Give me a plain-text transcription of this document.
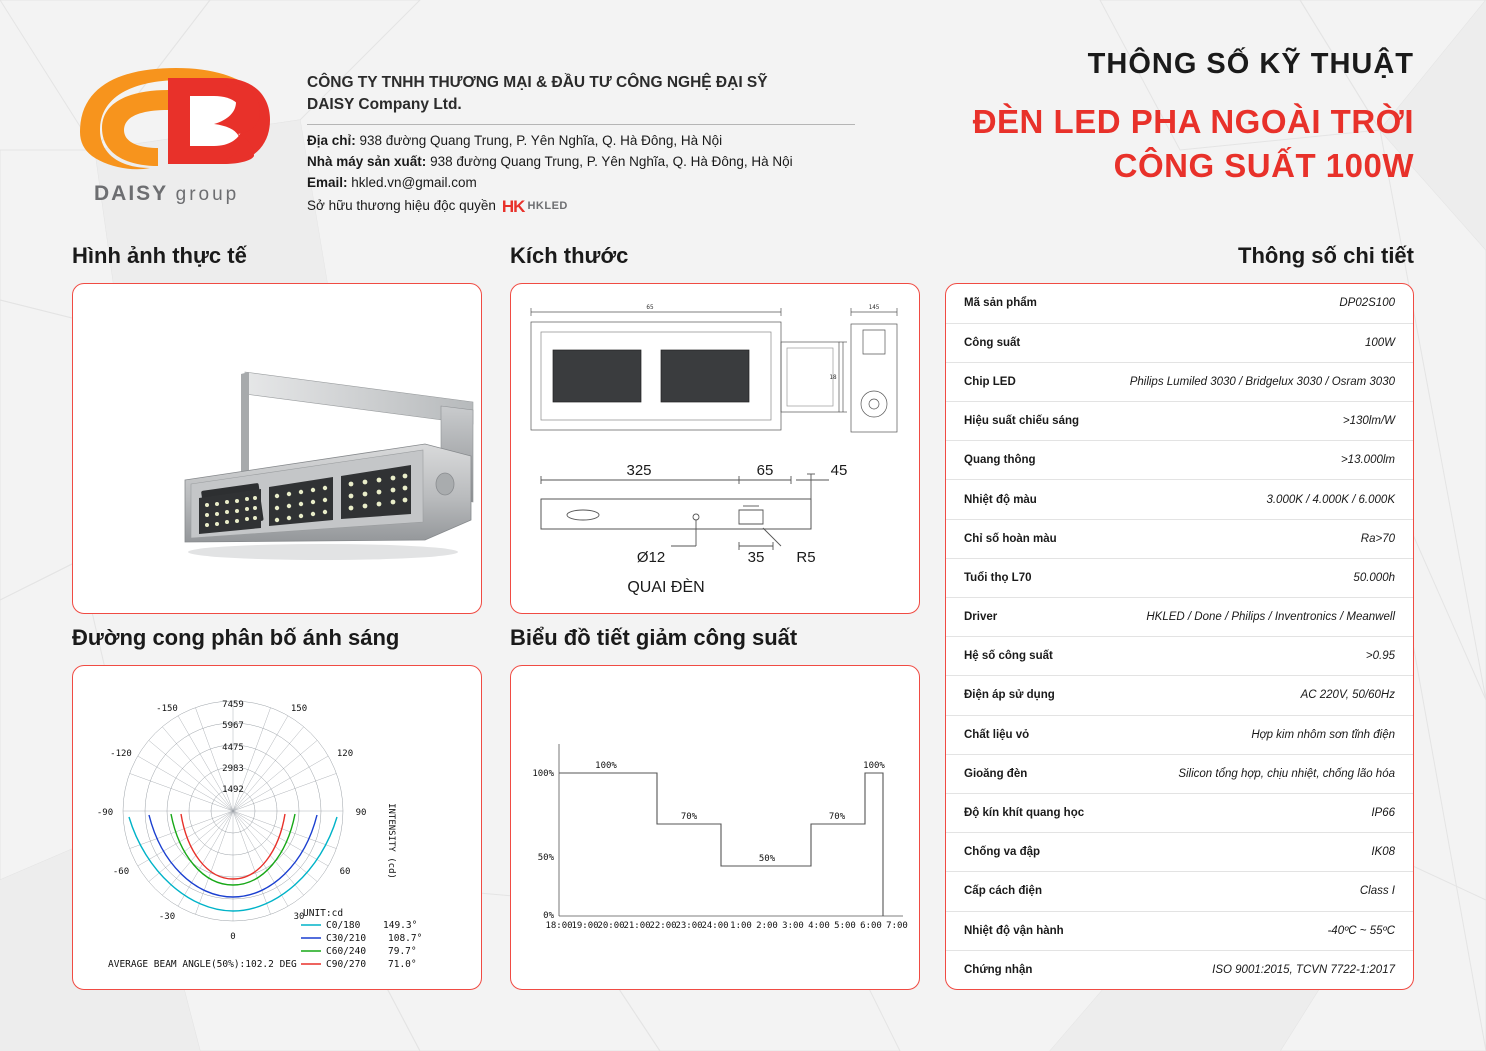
DAISY group
CÔNG TY TNHH THƯƠNG MẠI & ĐẦU TƯ CÔNG NGHỆ ĐẠI SỸ
DAISY Company Ltd.
Địa chỉ: 938 đường Quang Trung, P. Yên Nghĩa, Q. Hà Đông, Hà Nội
Nhà máy sản xuất: 938 đường Quang Trung, P. Yên Nghĩa, Q. Hà Đông, Hà Nội
Email: hkled.vn@gmail.com
Sở hữu thương hiệu độc quyền HK HKLED
THÔNG SỐ KỸ THUẬT
ĐÈN LED PHA NGOÀI TRỜI
CÔNG SUẤT 100W
Hình ảnh thực tế	Kích thước
Đường cong phân bố ánh sáng	Biểu đồ tiết giảm công suất
Thông số chi tiết
65	145
18
325	65	45
Ø12	35 R5
QUAI ĐÈN
7459
5967
4475
2983
1492
-150	150
-120	120
-90	90
-60	60
-30	30
0
INTENSITY (cd)
UNIT:cd
C0/180 149.3°
C30/210 108.7°
C60/240 79.7°
C90/270 71.0°
AVERAGE BEAM ANGLE(50%):102.2 DEG
0%
50%
100%
100%
70%
50%
70%
100%
18:00
19:00
20:00
21:00
22:00
23:00
24:00 1:00 2:00 3:00 4:00 5:00 6:00 7:00
Mã sản phẩm	DP02S100
Công suất	100W
Chip LED	Philips Lumiled 3030 / Bridgelux 3030 / Osram 3030
Hiệu suất chiếu sáng	>130lm/W
Quang thông	>13.000lm
Nhiệt độ màu	3.000K / 4.000K / 6.000K
Chỉ số hoàn màu	Ra>70
Tuổi thọ L70	50.000h
Driver	HKLED / Done / Philips / Inventronics / Meanwell
Hệ số công suất	>0.95
Điện áp sử dụng	AC 220V, 50/60Hz
Chất liệu vỏ	Hợp kim nhôm sơn tĩnh điện
Gioăng đèn	Silicon tổng hợp, chịu nhiệt, chống lão hóa
Độ kín khít quang học	IP66
Chống va đập	IK08
Cấp cách điện	Class I
Nhiệt độ vận hành	-40ºC ~ 55ºC
Chứng nhận	ISO 9001:2015, TCVN 7722-1:2017
